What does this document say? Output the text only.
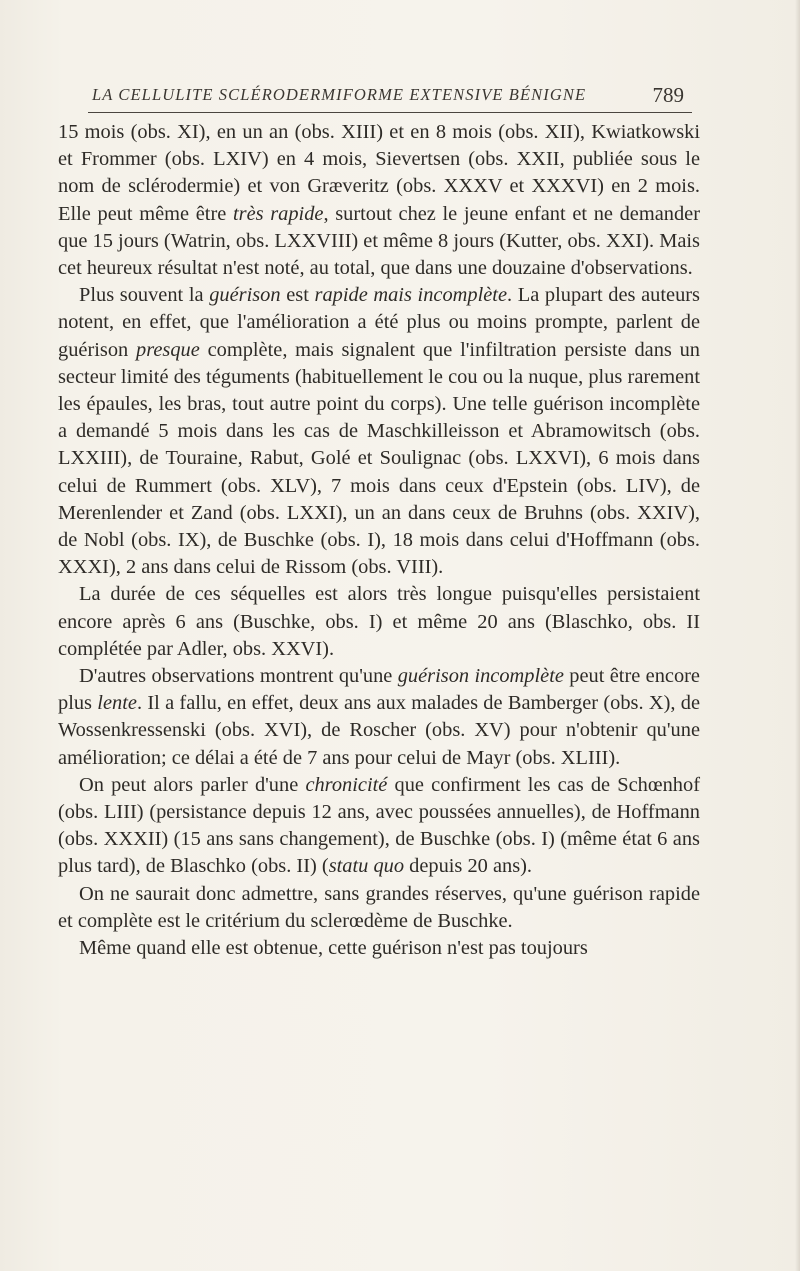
LA CELLULITE SCLÉRODERMIFORME EXTENSIVE BÉNIGNE	789

15 mois (obs. XI), en un an (obs. XIII) et en 8 mois (obs. XII), Kwiatkowski et Frommer (obs. LXIV) en 4 mois, Sievertsen (obs. XXII, publiée sous le nom de sclérodermie) et von Græveritz (obs. XXXV et XXXVI) en 2 mois. Elle peut même être très rapide, surtout chez le jeune enfant et ne demander que 15 jours (Watrin, obs. LXXVIII) et même 8 jours (Kutter, obs. XXI). Mais cet heureux résultat n'est noté, au total, que dans une douzaine d'observations.

Plus souvent la guérison est rapide mais incomplète. La plupart des auteurs notent, en effet, que l'amélioration a été plus ou moins prompte, parlent de guérison presque complète, mais signalent que l'infiltration persiste dans un secteur limité des téguments (habituellement le cou ou la nuque, plus rarement les épaules, les bras, tout autre point du corps). Une telle guérison incomplète a demandé 5 mois dans les cas de Maschkilleisson et Abramowitsch (obs. LXXIII), de Touraine, Rabut, Golé et Soulignac (obs. LXXVI), 6 mois dans celui de Rummert (obs. XLV), 7 mois dans ceux d'Epstein (obs. LIV), de Merenlender et Zand (obs. LXXI), un an dans ceux de Bruhns (obs. XXIV), de Nobl (obs. IX), de Buschke (obs. I), 18 mois dans celui d'Hoffmann (obs. XXXI), 2 ans dans celui de Rissom (obs. VIII).

La durée de ces séquelles est alors très longue puisqu'elles persistaient encore après 6 ans (Buschke, obs. I) et même 20 ans (Blaschko, obs. II complétée par Adler, obs. XXVI).

D'autres observations montrent qu'une guérison incomplète peut être encore plus lente. Il a fallu, en effet, deux ans aux malades de Bamberger (obs. X), de Wossenkressenski (obs. XVI), de Roscher (obs. XV) pour n'obtenir qu'une amélioration; ce délai a été de 7 ans pour celui de Mayr (obs. XLIII).

On peut alors parler d'une chronicité que confirment les cas de Schœnhof (obs. LIII) (persistance depuis 12 ans, avec poussées annuelles), de Hoffmann (obs. XXXII) (15 ans sans changement), de Buschke (obs. I) (même état 6 ans plus tard), de Blaschko (obs. II) (statu quo depuis 20 ans).

On ne saurait donc admettre, sans grandes réserves, qu'une guérison rapide et complète est le critérium du sclerœdème de Buschke.

Même quand elle est obtenue, cette guérison n'est pas toujours
